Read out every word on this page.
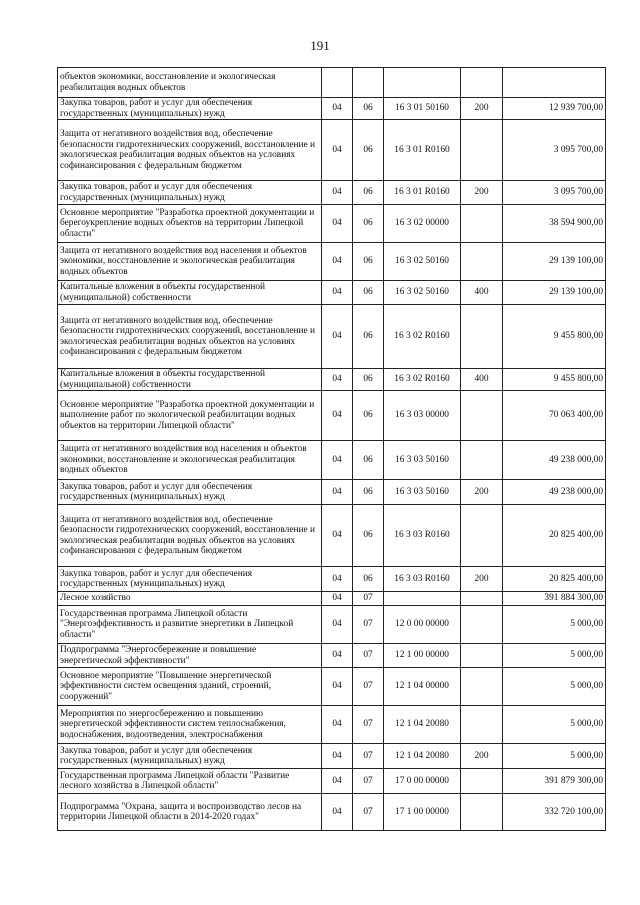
191
объектов экономики, восстановление и экологическая реабилитация водных объектов					
Закупка товаров, работ и услуг для обеспечения государственных (муниципальных) нужд	04	06	16 3 01 50160	200	12 939 700,00
Защита от негативного воздействия вод, обеспечение безопасности гидротехнических сооружений, восстановление и экологическая реабилитация водных объектов на условиях софинансирования с федеральным бюджетом	04	06	16 3 01 R0160		3 095 700,00
Закупка товаров, работ и услуг для обеспечения государственных (муниципальных) нужд	04	06	16 3 01 R0160	200	3 095 700,00
Основное мероприятие "Разработка проектной документации и берегоукрепление водных объектов на территории Липецкой области"	04	06	16 3 02 00000		38 594 900,00
Защита от негативного воздействия вод населения и объектов экономики, восстановление и экологическая реабилитация водных объектов	04	06	16 3 02 50160		29 139 100,00
Капитальные вложения в объекты государственной (муниципальной) собственности	04	06	16 3 02 50160	400	29 139 100,00
Защита от негативного воздействия вод, обеспечение безопасности гидротехнических сооружений, восстановление и экологическая реабилитация водных объектов на условиях софинансирования с федеральным бюджетом	04	06	16 3 02 R0160		9 455 800,00
Капитальные вложения в объекты государственной (муниципальной) собственности	04	06	16 3 02 R0160	400	9 455 800,00
Основное мероприятие "Разработка проектной документации и выполнение работ по экологической реабилитации водных объектов на территории Липецкой области"	04	06	16 3 03 00000		70 063 400,00
Защита от негативного воздействия вод населения и объектов экономики, восстановление и экологическая реабилитация водных объектов	04	06	16 3 03 50160		49 238 000,00
Закупка товаров, работ и услуг для обеспечения государственных (муниципальных) нужд	04	06	16 3 03 50160	200	49 238 000,00
Защита от негативного воздействия вод, обеспечение безопасности гидротехнических сооружений, восстановление и экологическая реабилитация водных объектов на условиях софинансирования с федеральным бюджетом	04	06	16 3 03 R0160		20 825 400,00
Закупка товаров, работ и услуг для обеспечения государственных (муниципальных) нужд	04	06	16 3 03 R0160	200	20 825 400,00
Лесное хозяйство	04	07			391 884 300,00
Государственная программа Липецкой области "Энергоэффективность и развитие энергетики в Липецкой области"	04	07	12 0 00 00000		5 000,00
Подпрограмма "Энергосбережение и повышение энергетической эффективности"	04	07	12 1 00 00000		5 000,00
Основное мероприятие "Повышение энергетической эффективности систем освещения зданий, строений, сооружений"	04	07	12 1 04 00000		5 000,00
Мероприятия по энергосбережению и повышению энергетической эффективности систем теплоснабжения, водоснабжения, водоотведения, электроснабжения	04	07	12 1 04 20080		5 000,00
Закупка товаров, работ и услуг для обеспечения государственных (муниципальных) нужд	04	07	12 1 04 20080	200	5 000,00
Государственная программа Липецкой области "Развитие лесного хозяйства в Липецкой области"	04	07	17 0 00 00000		391 879 300,00
Подпрограмма "Охрана, защита и воспроизводство лесов на территории Липецкой области в 2014-2020 годах"	04	07	17 1 00 00000		332 720 100,00
